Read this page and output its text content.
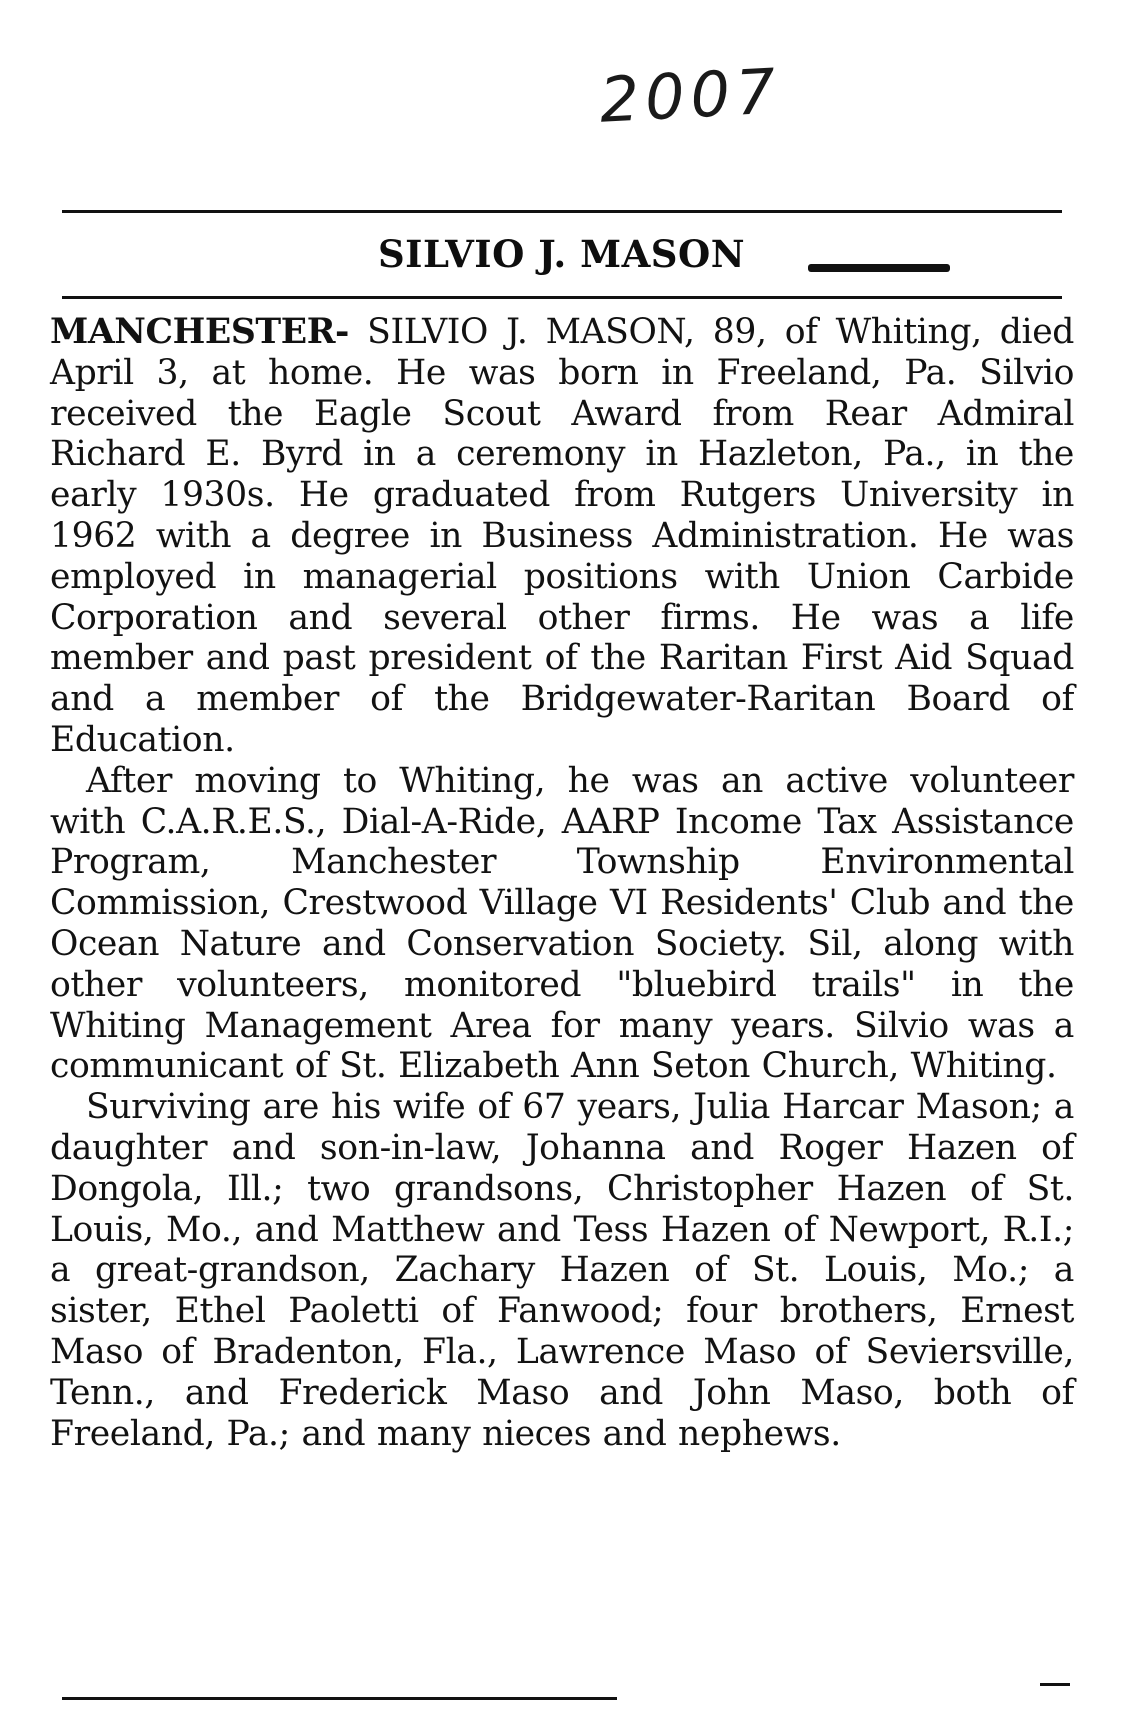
2007
SILVIO J. MASON

MANCHESTER- SILVIO J. MASON, 89, of Whiting, died April 3, at home. He was born in Freeland, Pa. Silvio received the Eagle Scout Award from Rear Admiral Richard E. Byrd in a ceremony in Hazleton, Pa., in the early 1930s. He graduated from Rutgers University in 1962 with a degree in Business Administration. He was employed in managerial positions with Union Carbide Corporation and several other firms. He was a life member and past president of the Raritan First Aid Squad and a member of the Bridgewater-Raritan Board of Education.

After moving to Whiting, he was an active volunteer with C.A.R.E.S., Dial-A-Ride, AARP Income Tax Assistance Program, Manchester Township Environmental Commission, Crestwood Village VI Residents' Club and the Ocean Nature and Conservation Society. Sil, along with other volunteers, monitored "bluebird trails" in the Whiting Management Area for many years. Silvio was a communicant of St. Elizabeth Ann Seton Church, Whiting.

Surviving are his wife of 67 years, Julia Harcar Mason; a daughter and son-in-law, Johanna and Roger Hazen of Dongola, Ill.; two grandsons, Christopher Hazen of St. Louis, Mo., and Matthew and Tess Hazen of Newport, R.I.; a great-grandson, Zachary Hazen of St. Louis, Mo.; a sister, Ethel Paoletti of Fanwood; four brothers, Ernest Maso of Bradenton, Fla., Lawrence Maso of Seviersville, Tenn., and Frederick Maso and John Maso, both of Freeland, Pa.; and many nieces and nephews.
